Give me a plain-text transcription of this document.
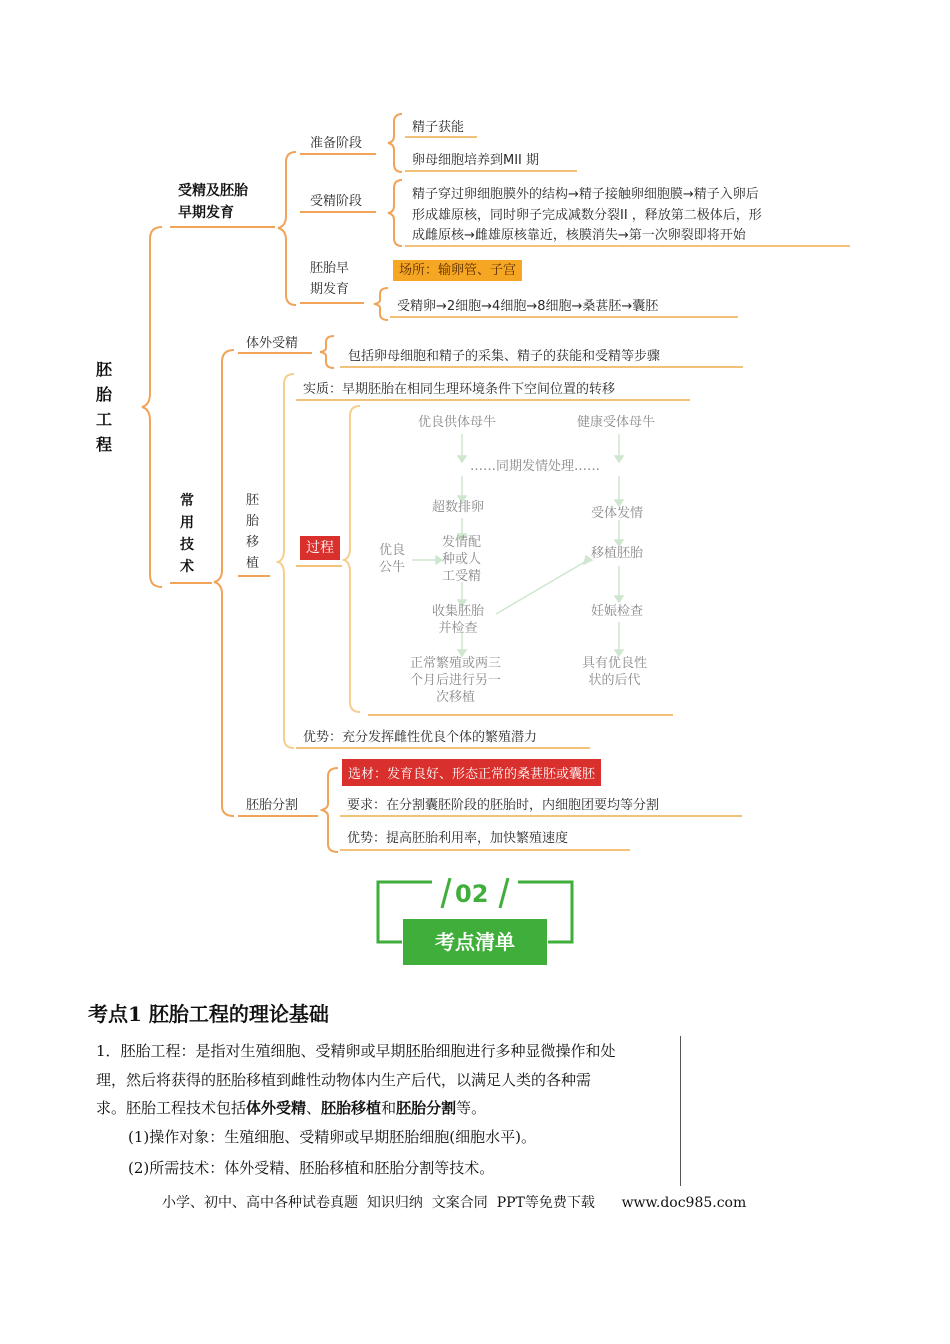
胚胎工程
受精及胚胎
早期发育
准备阶段
精子获能
卵母细胞培养到MII 期
受精阶段	精子穿过卵细胞膜外的结构→精子接触卵细胞膜→精子入卵后
形成雄原核，同时卵子完成减数分裂II ，释放第二极体后，形
成雌原核→雌雄原核靠近，核膜消失→第一次卵裂即将开始
胚胎早
期发育
场所：输卵管、子宫
受精卵→2细胞→4细胞→8细胞→桑葚胚→囊胚
常
用
技
术
体外受精
包括卵母细胞和精子的采集、精子的获能和受精等步骤
胚
胎
移
植
实质：早期胚胎在相同生理环境条件下空间位置的转移
过程
优良供体母牛	健康受体母牛
……同期发情处理……
超数排卵
优良
公牛
发情配
种或人
工受精
收集胚胎
并检查
正常繁殖或两三
个月后进行另一
次移植
受体发情
移植胚胎
妊娠检查
具有优良性
状的后代
优势：充分发挥雌性优良个体的繁殖潜力
胚胎分割
选材：发育良好、形态正常的桑葚胚或囊胚
要求：在分割囊胚阶段的胚胎时，内细胞团要均等分割
优势：提高胚胎利用率，加快繁殖速度
02
考点清单
考点1 胚胎工程的理论基础
1．胚胎工程：是指对生殖细胞、受精卵或早期胚胎细胞进行多种显微操作和处
理，然后将获得的胚胎移植到雌性动物体内生产后代，以满足人类的各种需
求。胚胎工程技术包括体外受精、胚胎移植和胚胎分割等。
(1)操作对象：生殖细胞、受精卵或早期胚胎细胞(细胞水平)。
(2)所需技术：体外受精、胚胎移植和胚胎分割等技术。
小学、初中、高中各种试卷真题  知识归纳  文案合同  PPT等免费下载      www.doc985.com
